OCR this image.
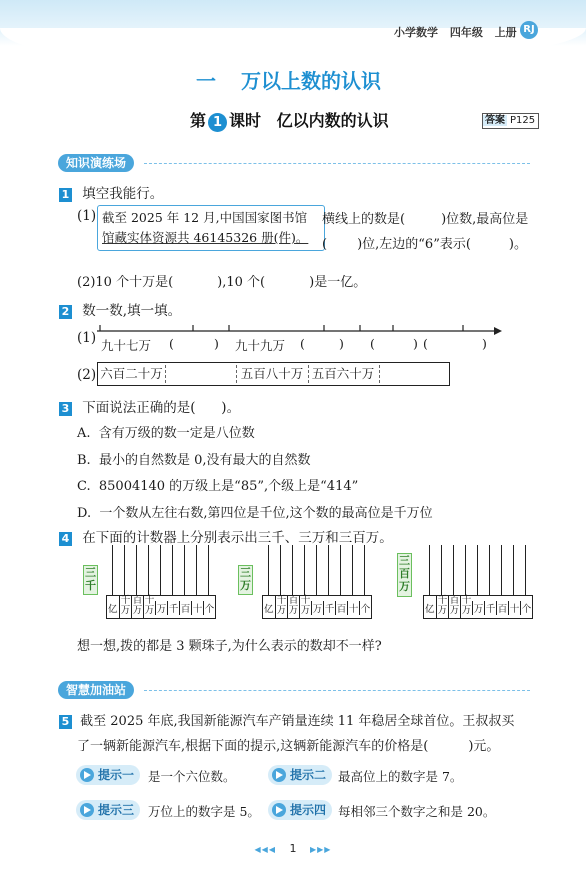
小学数学 四年级 上册 RJ
一 万以上数的认识
第 1 课时 亿以内数的认识	答案 P125
知识演练场
1 填空我能行。
(1) 截至 2025 年 12 月,中国国家图书馆
馆藏实体资源共 46145326 册(件)。
横线上的数是(	)位数,最高位是
( )位,左边的“6”表示(	)。
(2)10 个十万是(	),10 个(	)是一亿。
2 数一数,填一填。
(1) 九十七万 (	) 九十九万 (	) (	) (	)
(2) 六百二十万	五百八十万 五百六十万
3 下面说法正确的是(      )。
A.  含有万级的数一定是八位数
B.  最小的自然数是 0,没有最大的自然数
C.  85004140 的万级上是“85”,个级上是“414”
D.  一个数从左往右数,第四位是千位,这个数的最高位是千万位
4 在下面的计数器上分别表示出三千、三万和三百万。
三
千
亿
千
万
百
万
十
万 万 千 百 十 个
三
万
亿
千
万
百
万
十
万 万 千 百 十 个
三
百
万
亿
千
万
百
万
十
万 万 千 百 十 个
想一想,拨的都是 3 颗珠子,为什么表示的数却不一样?
智慧加油站
5 截至 2025 年底,我国新能源汽车产销量连续 11 年稳居全球首位。王叔叔买
了一辆新能源汽车,根据下面的提示,这辆新能源汽车的价格是(	)元。
提示一	是一个六位数。	提示二 最高位上的数字是 7。
提示三	万位上的数字是 5。	提示四 每相邻三个数字之和是 20。
◀◀◀ 1 ▶▶▶
